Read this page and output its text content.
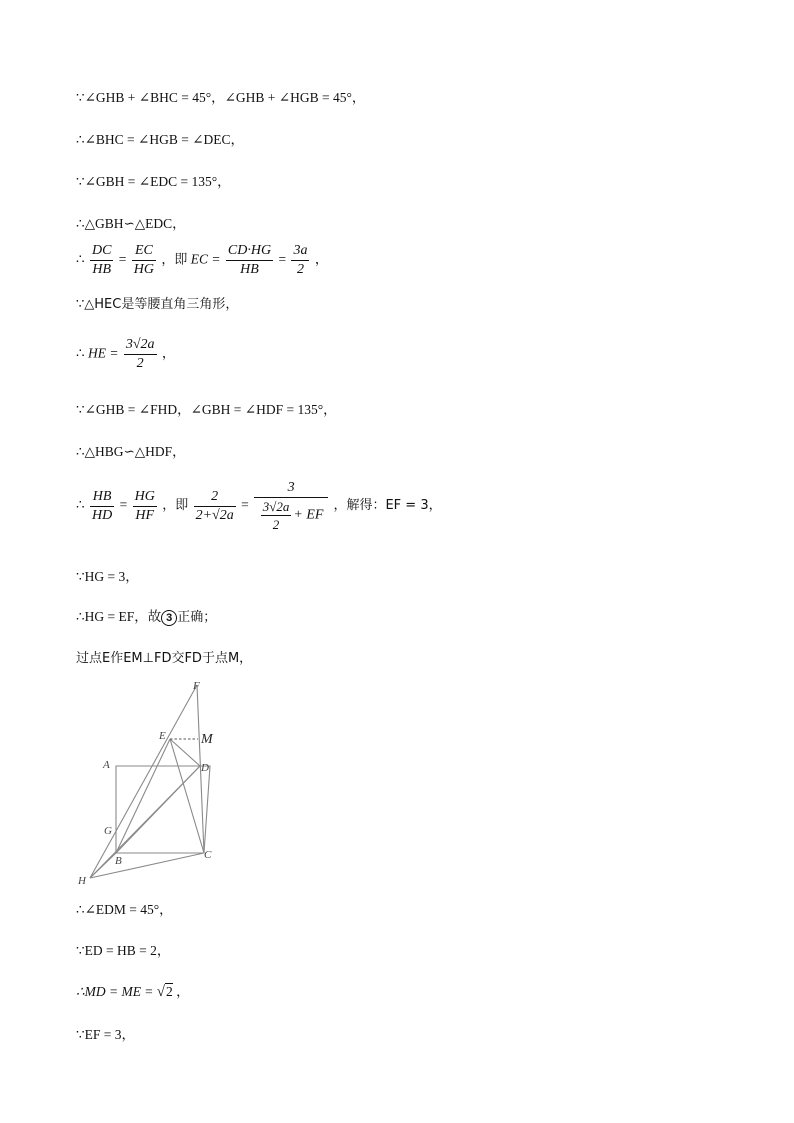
∵∠GHB + ∠BHC = 45°，∠GHB + ∠HGB = 45°，
∴∠BHC = ∠HGB = ∠DEC，
∵∠GBH = ∠EDC = 135°，
∴△GBH∽△EDC，
∴ $\frac{DC}{HB} = \frac{EC}{HG}$ ，即 EC = $\frac{CD\cdot HG}{HB} = \frac{3a}{2}$ ，
∵△HEC是等腰直角三角形，
∴ HE = $\frac{3√2a}{2}$ ，
∵∠GHB = ∠FHD，∠GBH = ∠HDF = 135°，
∴△HBG∽△HDF，
∴ $\frac{HB}{HD} = \frac{HG}{HF}$ ，即 $\frac{2}{2+√2a} = \frac{3}{\frac{3√2a}{2} + EF}$ ，解得：EF = 3，
∵HG = 3，
∴HG = EF，故 3 正确；
过点E作EM⊥FD交FD于点M，
F
E	M
A	D
G
B	C
H
∴∠EDM = 45°，
∵ED = HB = 2，
∴MD = ME = √2 ，
∵EF = 3，
